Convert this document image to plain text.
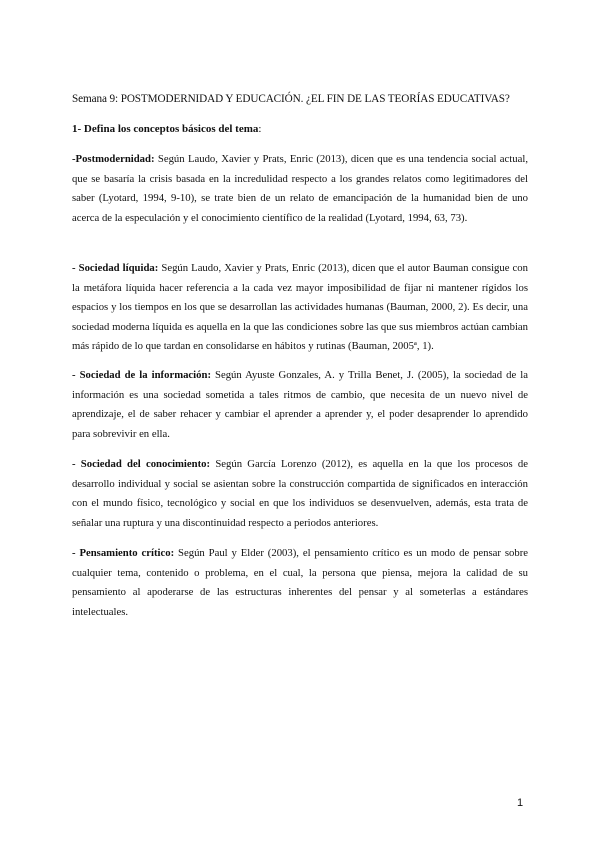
Semana 9: POSTMODERNIDAD Y EDUCACIÓN. ¿EL FIN DE LAS TEORÍAS EDUCATIVAS?
1- Defina los conceptos básicos del tema:
-Postmodernidad: Según Laudo, Xavier y Prats, Enric (2013), dicen que es una tendencia social actual, que se basaría la crisis basada en la incredulidad respecto a los grandes relatos como legitimadores del saber (Lyotard, 1994, 9-10), se trate bien de un relato de emancipación de la humanidad bien de uno acerca de la especulación y el conocimiento científico de la realidad (Lyotard, 1994, 63, 73).
- Sociedad líquida: Según Laudo, Xavier y Prats, Enric (2013), dicen que el autor Bauman consigue con la metáfora líquida hacer referencia a la cada vez mayor imposibilidad de fijar ni mantener rígidos los espacios y los tiempos en los que se desarrollan las actividades humanas (Bauman, 2000, 2). Es decir, una sociedad moderna líquida es aquella en la que las condiciones sobre las que sus miembros actúan cambian más rápido de lo que tardan en consolidarse en hábitos y rutinas (Bauman, 2005ª, 1).
- Sociedad de la información: Según Ayuste Gonzales, A. y Trilla Benet, J. (2005), la sociedad de la información es una sociedad sometida a tales ritmos de cambio, que necesita de un nuevo nivel de aprendizaje, el de saber rehacer y cambiar el aprender a aprender y, el poder desaprender lo aprendido para sobrevivir en ella.
- Sociedad del conocimiento: Según García Lorenzo (2012), es aquella en la que los procesos de desarrollo individual y social se asientan sobre la construcción compartida de significados en interacción con el mundo físico, tecnológico y social en que los individuos se desenvuelven, además, esta trata de señalar una ruptura y una discontinuidad respecto a periodos anteriores.
- Pensamiento crítico: Según Paul y Elder (2003), el pensamiento crítico es un modo de pensar sobre cualquier tema, contenido o problema, en el cual, la persona que piensa, mejora la calidad de su pensamiento al apoderarse de las estructuras inherentes del pensar y al someterlas a estándares intelectuales.
1
